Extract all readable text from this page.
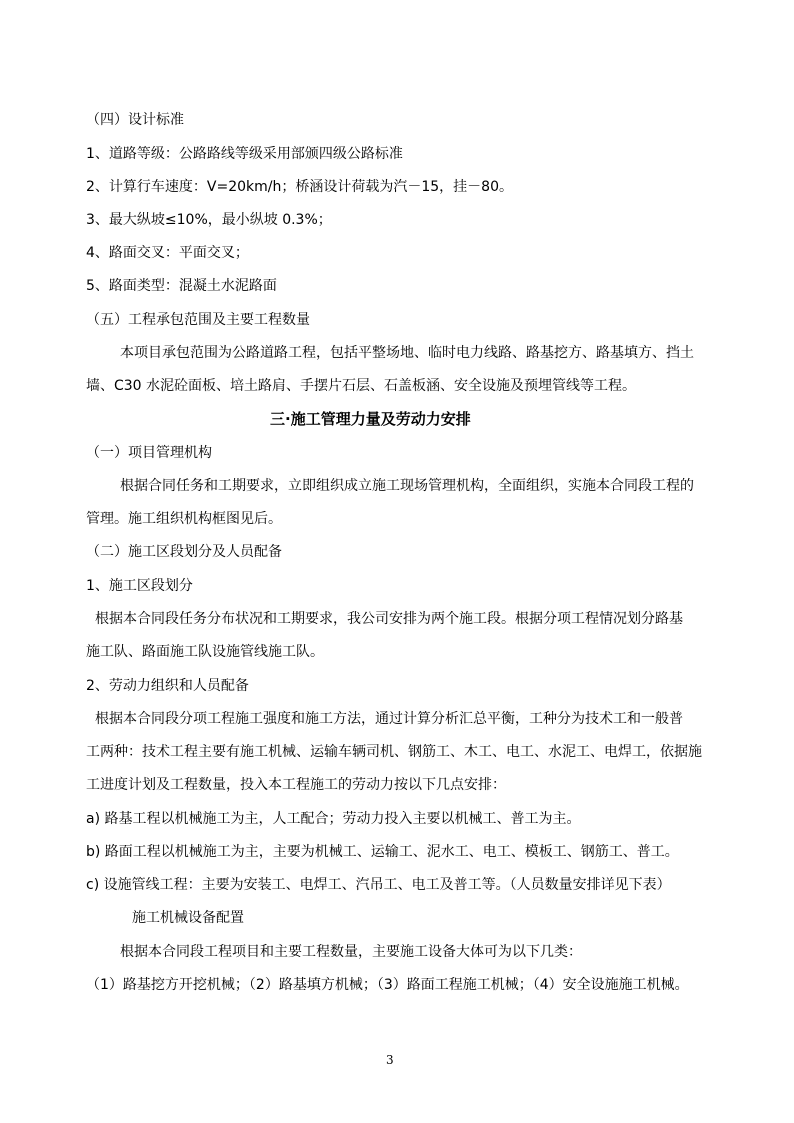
（四）设计标准
1、道路等级：公路路线等级采用部颁四级公路标准
2、计算行车速度：V=20km/h；桥涵设计荷载为汽－15，挂－80。
3、最大纵坡≤10%，最小纵坡 0.3%；
4、路面交叉：平面交叉；
5、路面类型：混凝土水泥路面
（五）工程承包范围及主要工程数量
本项目承包范围为公路道路工程，包括平整场地、临时电力线路、路基挖方、路基填方、挡土
墙、C30 水泥砼面板、培土路肩、手摆片石层、石盖板涵、安全设施及预埋管线等工程。
三·施工管理力量及劳动力安排
（一）项目管理机构
根据合同任务和工期要求，立即组织成立施工现场管理机构，全面组织，实施本合同段工程的
管理。施工组织机构框图见后。
（二）施工区段划分及人员配备
1、施工区段划分
根据本合同段任务分布状况和工期要求，我公司安排为两个施工段。根据分项工程情况划分路基
施工队、路面施工队设施管线施工队。
2、劳动力组织和人员配备
根据本合同段分项工程施工强度和施工方法，通过计算分析汇总平衡，工种分为技术工和一般普
工两种：技术工程主要有施工机械、运输车辆司机、钢筋工、木工、电工、水泥工、电焊工，依据施
工进度计划及工程数量，投入本工程施工的劳动力按以下几点安排：
a) 路基工程以机械施工为主，人工配合；劳动力投入主要以机械工、普工为主。
b) 路面工程以机械施工为主，主要为机械工、运输工、泥水工、电工、模板工、钢筋工、普工。
c) 设施管线工程：主要为安装工、电焊工、汽吊工、电工及普工等。（人员数量安排详见下表）
施工机械设备配置
根据本合同段工程项目和主要工程数量，主要施工设备大体可为以下几类：
（1）路基挖方开挖机械；（2）路基填方机械；（3）路面工程施工机械；（4）安全设施施工机械。
3
